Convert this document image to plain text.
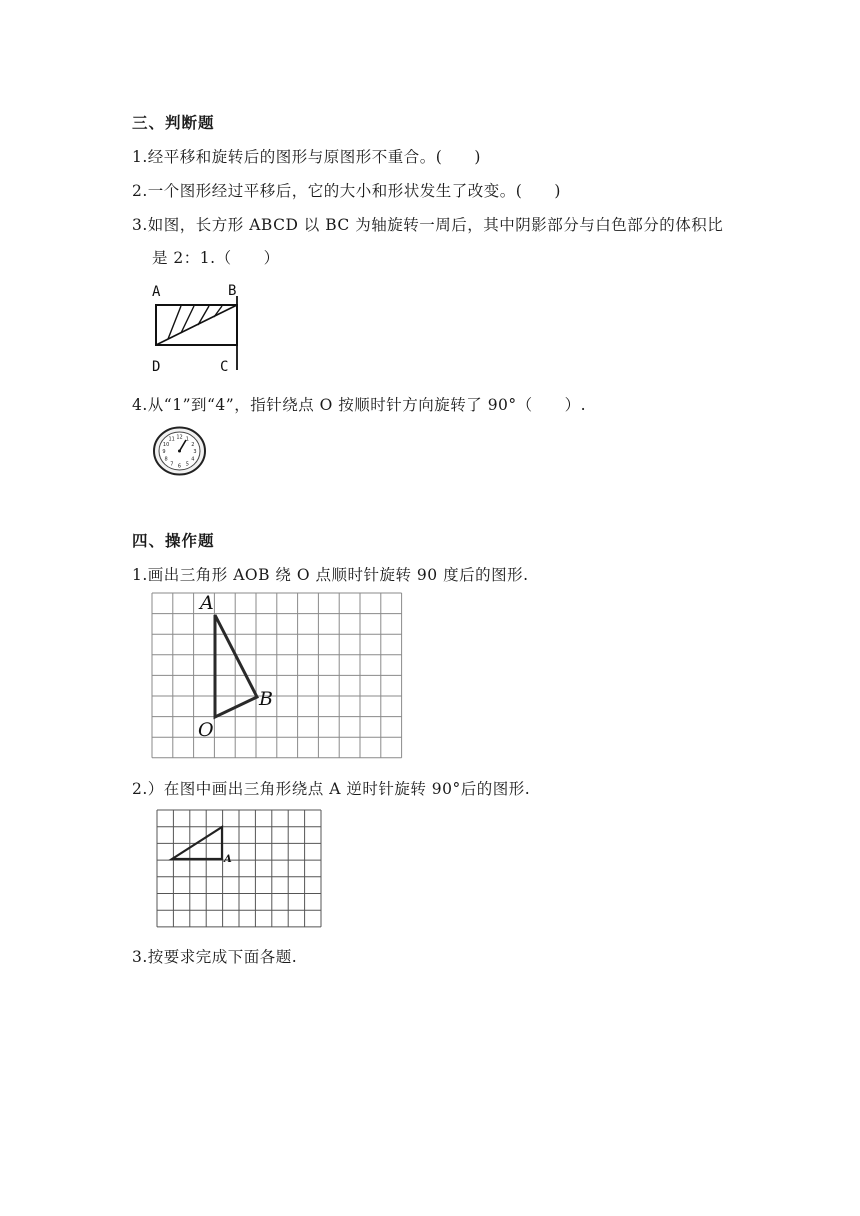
三、判断题
1.经平移和旋转后的图形与原图形不重合。(　　)
2.一个图形经过平移后，它的大小和形状发生了改变。(　　)
3.如图，长方形 ABCD 以 BC 为轴旋转一周后，其中阴影部分与白色部分的体积比
是 2：1.（　　）
A	B
D	C
4.从“1”到“4”，指针绕点 O 按顺时针方向旋转了 90°（　　）.
12 1
2
3
4
5
6
7
8
9
10
11
四、操作题
1.画出三角形 AOB 绕 O 点顺时针旋转 90 度后的图形.
A
B
O
2.）在图中画出三角形绕点 A 逆时针旋转 90°后的图形.
A
3.按要求完成下面各题.
